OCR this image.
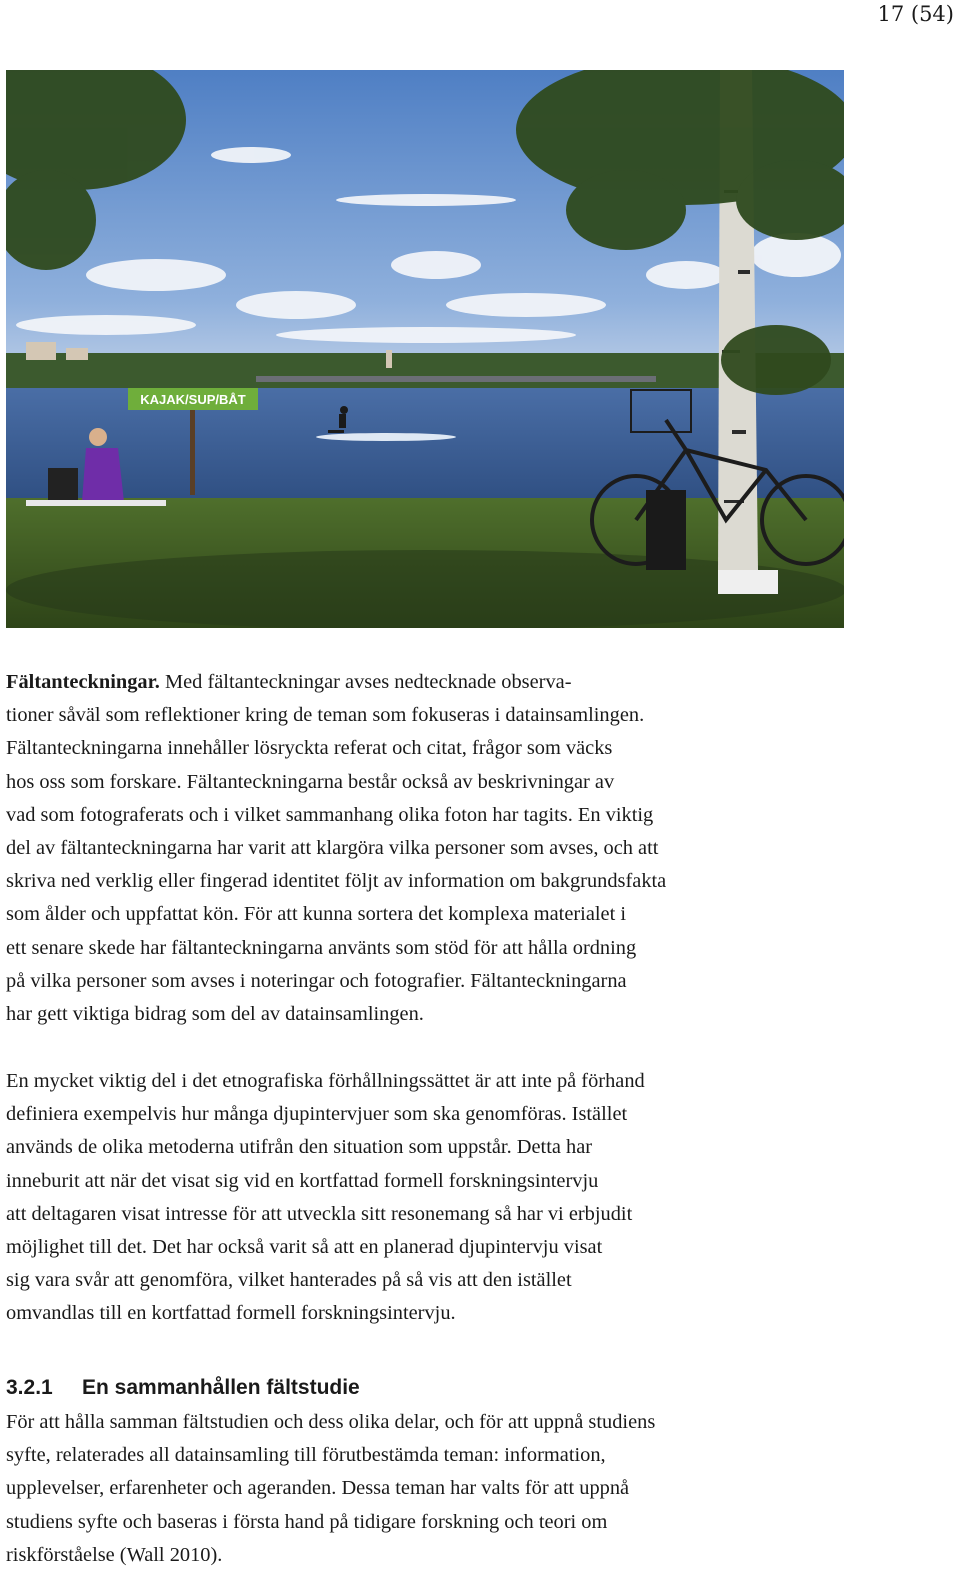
17 (54)
KAJAK/SUP/BÅT
Fältanteckningar. Med fältanteckningar avses nedtecknade observa-
tioner såväl som reflektioner kring de teman som fokuseras i datainsamlingen.
Fältanteckningarna innehåller lösryckta referat och citat, frågor som väcks
hos oss som forskare. Fältanteckningarna består också av beskrivningar av
vad som fotograferats och i vilket sammanhang olika foton har tagits. En viktig
del av fältanteckningarna har varit att klargöra vilka personer som avses, och att
skriva ned verklig eller fingerad identitet följt av information om bakgrundsfakta
som ålder och uppfattat kön. För att kunna sortera det komplexa materialet i
ett senare skede har fältanteckningarna använts som stöd för att hålla ordning
på vilka personer som avses i noteringar och fotografier. Fältanteckningarna
har gett viktiga bidrag som del av datainsamlingen.
En mycket viktig del i det etnografiska förhållningssättet är att inte på förhand
definiera exempelvis hur många djupintervjuer som ska genomföras. Istället
används de olika metoderna utifrån den situation som uppstår. Detta har
inneburit att när det visat sig vid en kortfattad formell forskningsintervju
att deltagaren visat intresse för att utveckla sitt resonemang så har vi erbjudit
möjlighet till det. Det har också varit så att en planerad djupintervju visat
sig vara svår att genomföra, vilket hanterades på så vis att den istället
omvandlas till en kortfattad formell forskningsintervju.
3.2.1 En sammanhållen fältstudie
För att hålla samman fältstudien och dess olika delar, och för att uppnå studiens
syfte, relaterades all datainsamling till förutbestämda teman: information,
upplevelser, erfarenheter och ageranden. Dessa teman har valts för att uppnå
studiens syfte och baseras i första hand på tidigare forskning och teori om
riskförståelse (Wall 2010).
